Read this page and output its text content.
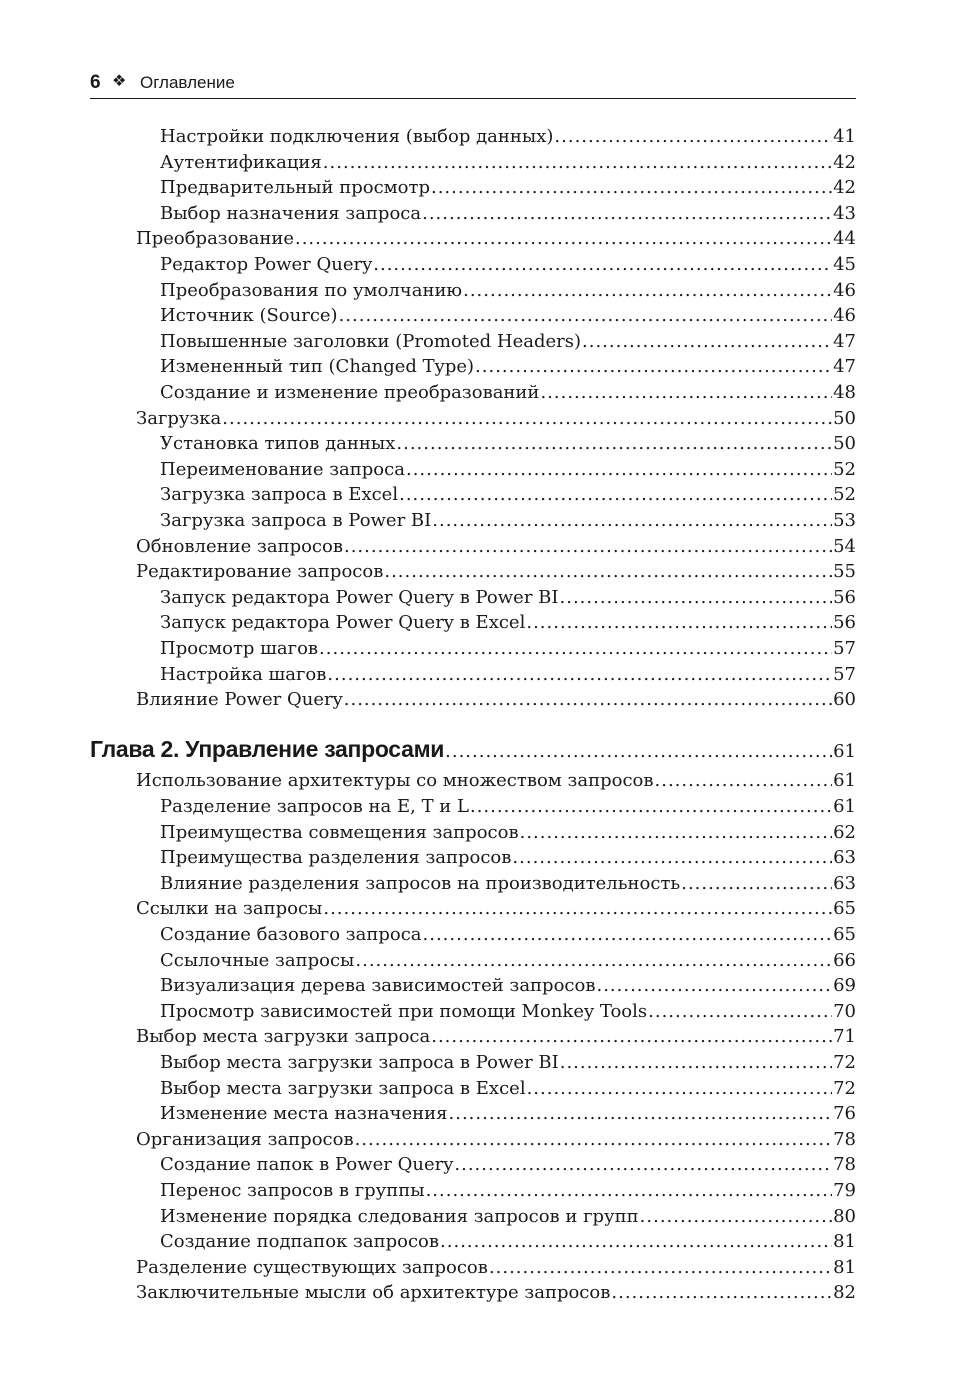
6 ❖ Оглавление
Настройки подключения (выбор данных) .....	41
Аутентификация .....	42
Предварительный просмотр .....	42
Выбор назначения запроса .....	43
Преобразование .....	44
Редактор Power Query .....	45
Преобразования по умолчанию .....	46
Источник (Source) .....	46
Повышенные заголовки (Promoted Headers) .....	47
Измененный тип (Changed Type) .....	47
Создание и изменение преобразований .....	48
Загрузка .....	50
Установка типов данных .....	50
Переименование запроса .....	52
Загрузка запроса в Excel .....	52
Загрузка запроса в Power BI .....	53
Обновление запросов .....	54
Редактирование запросов .....	55
Запуск редактора Power Query в Power BI .....	56
Запуск редактора Power Query в Excel .....	56
Просмотр шагов .....	57
Настройка шагов .....	57
Влияние Power Query .....	60
Глава 2. Управление запросами .....	61
Использование архитектуры со множеством запросов .....	61
Разделение запросов на E, T и L .....	61
Преимущества совмещения запросов .....	62
Преимущества разделения запросов .....	63
Влияние разделения запросов на производительность .....	63
Ссылки на запросы .....	65
Создание базового запроса .....	65
Ссылочные запросы .....	66
Визуализация дерева зависимостей запросов .....	69
Просмотр зависимостей при помощи Monkey Tools .....	70
Выбор места загрузки запроса .....	71
Выбор места загрузки запроса в Power BI .....	72
Выбор места загрузки запроса в Excel .....	72
Изменение места назначения .....	76
Организация запросов .....	78
Создание папок в Power Query .....	78
Перенос запросов в группы .....	79
Изменение порядка следования запросов и групп .....	80
Создание подпапок запросов .....	81
Разделение существующих запросов .....	81
Заключительные мысли об архитектуре запросов .....	82
